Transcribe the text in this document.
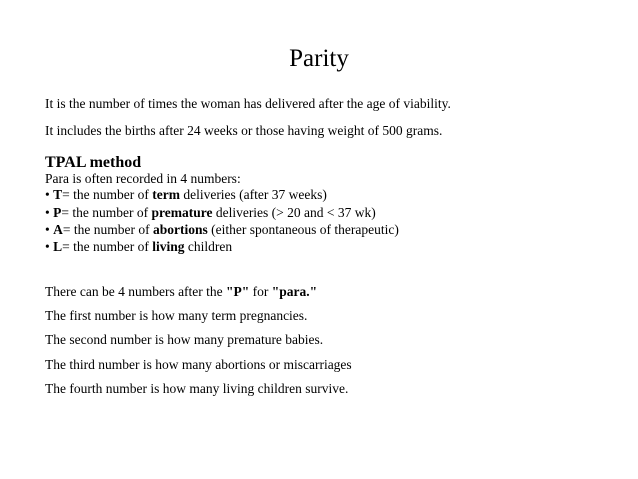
Parity
It is the number of times the woman has delivered after the age of viability.
It includes the births after 24 weeks or those having weight of 500 grams.
TPAL method
Para is often recorded in 4 numbers:
• T= the number of term deliveries (after 37 weeks)
• P= the number of premature deliveries (> 20 and < 37 wk)
• A= the number of abortions (either spontaneous of therapeutic)
• L= the number of living children
There can be 4 numbers after the "P" for "para."
The first number is how many term pregnancies.
The second number is how many premature babies.
The third number is how many abortions or miscarriages
The fourth number is how many living children survive.
